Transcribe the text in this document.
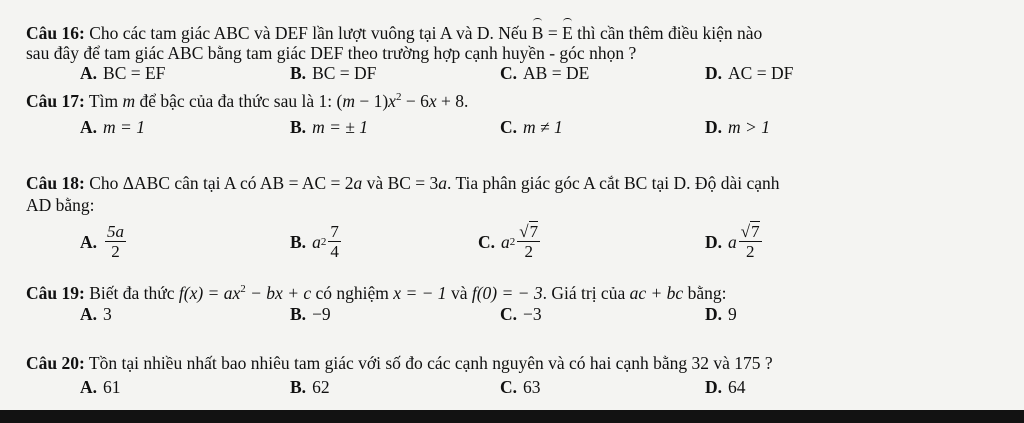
Câu 16: Cho các tam giác ABC và DEF lần lượt vuông tại A và D. Nếu B = E thì cần thêm điều kiện nào
sau đây để tam giác ABC bằng tam giác DEF theo trường hợp cạnh huyền - góc nhọn ?
A. BC = EF	B. BC = DF	C. AB = DE	D. AC = DF
Câu 17: Tìm m để bậc của đa thức sau là 1: $(m - 1)x^2 - 6x + 8$.
A. m = 1	B. m = ± 1	C. m ≠ 1	D. m > 1
Câu 18: Cho ΔABC cân tại A có AB = AC = 2a và BC = 3a. Tia phân giác góc A cắt BC tại D. Độ dài cạnh
AD bằng:
A. $\frac{5a}{2}$	B. a $2 \frac{7}{4}$	C. a $2 \frac{√7}{2}$	D. a $\frac{√7}{2}$
Câu 19: Biết đa thức $f(x) = ax^2$ − bx + c có nghiệm x = − 1 và f(0) = − 3. Giá trị của ac + bc bằng:
A. 3	B. −9	C. −3	D. 9
Câu 20: Tồn tại nhiều nhất bao nhiêu tam giác với số đo các cạnh nguyên và có hai cạnh bằng 32 và 175 ?
A. 61	B. 62	C. 63	D. 64
